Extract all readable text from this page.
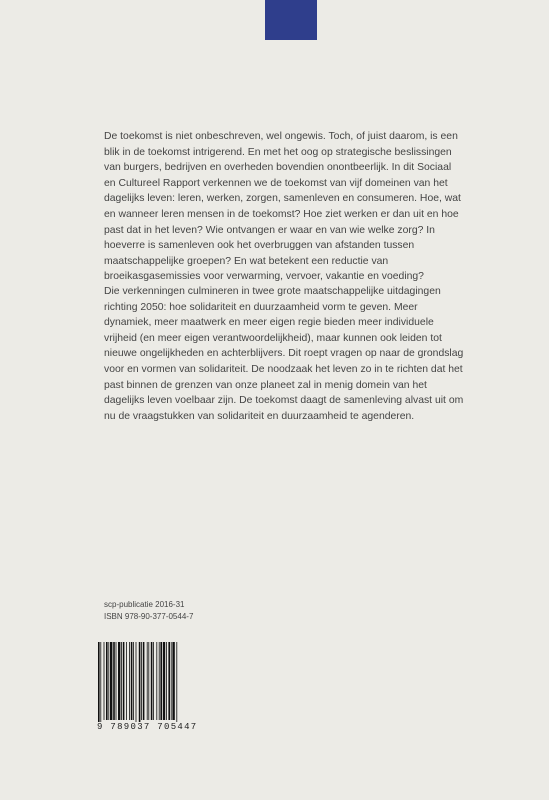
De toekomst is niet onbeschreven, wel ongewis. Toch, of juist daarom, is een blik in de toekomst intrigerend. En met het oog op strategische beslissingen van burgers, bedrijven en overheden bovendien onontbeerlijk. In dit Sociaal en Cultureel Rapport verkennen we de toekomst van vijf domeinen van het dagelijks leven: leren, werken, zorgen, samenleven en consumeren. Hoe, wat en wanneer leren mensen in de toekomst? Hoe ziet werken er dan uit en hoe past dat in het leven? Wie ontvangen er waar en van wie welke zorg? In hoeverre is samenleven ook het overbruggen van afstanden tussen maatschappelijke groepen? En wat betekent een reductie van broeikasgasemissies voor verwarming, vervoer, vakantie en voeding?

Die verkenningen culmineren in twee grote maatschappelijke uitdagingen richting 2050: hoe solidariteit en duurzaamheid vorm te geven. Meer dynamiek, meer maatwerk en meer eigen regie bieden meer individuele vrijheid (en meer eigen verantwoordelijkheid), maar kunnen ook leiden tot nieuwe ongelijkheden en achterblijvers. Dit roept vragen op naar de grondslag voor en vormen van solidariteit. De noodzaak het leven zo in te richten dat het past binnen de grenzen van onze planeet zal in menig domein van het dagelijks leven voelbaar zijn. De toekomst daagt de samenleving alvast uit om nu de vraagstukken van solidariteit en duurzaamheid te agenderen.

scp-publicatie 2016-31
ISBN 978-90-377-0544-7
9 789037 705447
